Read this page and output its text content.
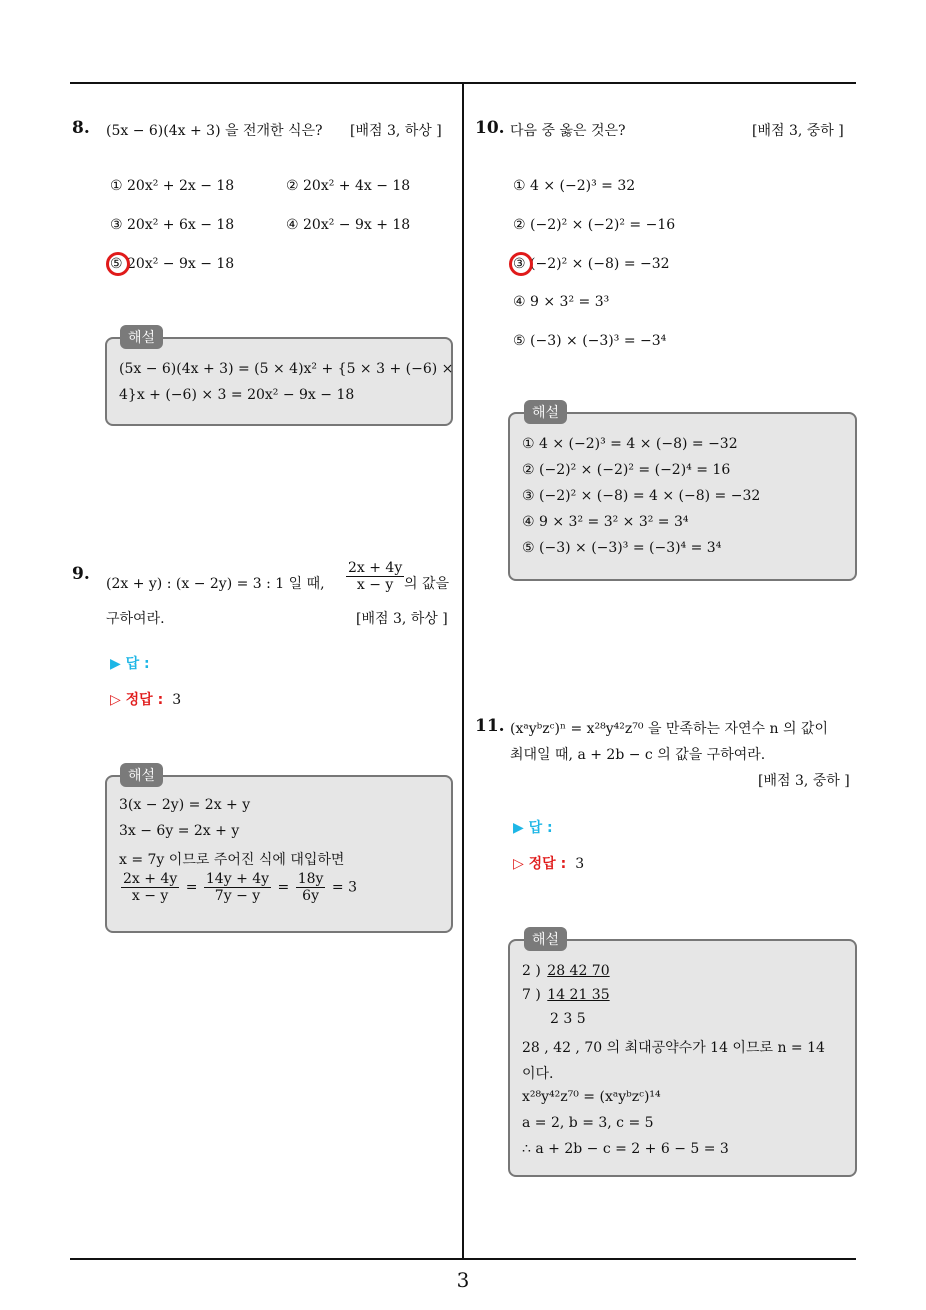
8. (5x − 6)(4x + 3) 을 전개한 식은? [배점 3, 하상 ]
① 20x² + 2x − 18	② 20x² + 4x − 18
③ 20x² + 6x − 18	④ 20x² − 9x + 18
⑤ 20x² − 9x − 18
(5x − 6)(4x + 3) = (5 × 4)x² + {5 × 3 + (−6) ×
4}x + (−6) × 3 = 20x² − 9x − 18
해설
9. (2x + y) : (x − 2y) = 3 : 1 일 때, $\frac{2x + 4y}{x - y}$ 의 값을
구하여라.	[배점 3, 하상 ]
▶ 답 :
▷ 정답 : 3
3(x − 2y) = 2x + y
3x − 6y = 2x + y
x = 7y 이므로 주어진 식에 대입하면
$\frac{2x + 4y}{x - y} = \frac{14y + 4y}{7y - y} = \frac{18y}{6y} = 3$
해설
10. 다음 중 옳은 것은?	[배점 3, 중하 ]
① 4 × (−2)³ = 32
② (−2)² × (−2)² = −16
③ (−2)² × (−8) = −32
④ 9 × 3² = 3³
⑤ (−3) × (−3)³ = −3⁴
① 4 × (−2)³ = 4 × (−8) = −32
② (−2)² × (−2)² = (−2)⁴ = 16
③ (−2)² × (−8) = 4 × (−8) = −32
④ 9 × 3² = 3² × 3² = 3⁴
⑤ (−3) × (−3)³ = (−3)⁴ = 3⁴
해설
11. (xᵃyᵇzᶜ)ⁿ = x²⁸y⁴²z⁷⁰ 을 만족하는 자연수 n 의 값이
최대일 때, a + 2b − c 의 값을 구하여라.
[배점 3, 중하 ]
▶ 답 :
▷ 정답 : 3
2 ) 28 42 70
7 ) 14 21 35
2 3 5
28 , 42 , 70 의 최대공약수가 14 이므로 n = 14
이다.
x²⁸y⁴²z⁷⁰ = (xᵃyᵇzᶜ)¹⁴
a = 2, b = 3, c = 5
∴ a + 2b − c = 2 + 6 − 5 = 3
해설
3
